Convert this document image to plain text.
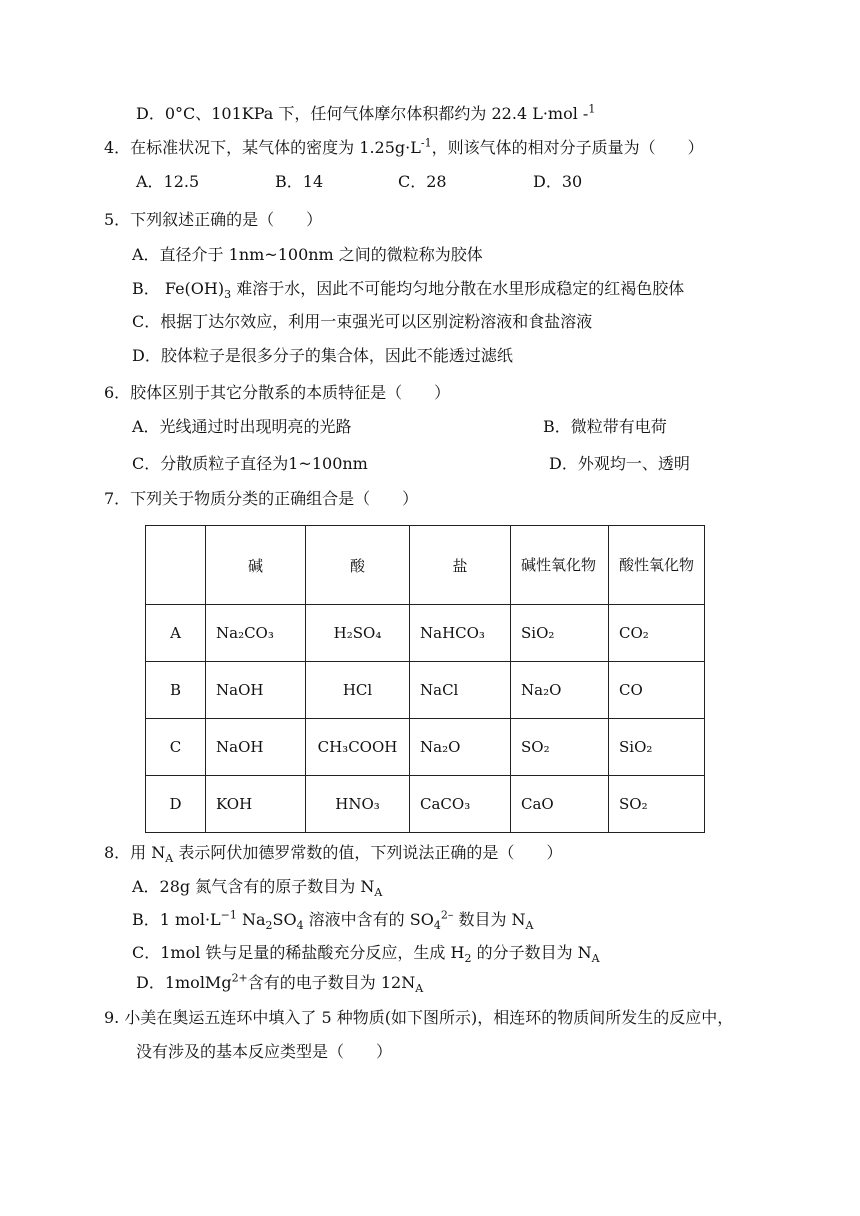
D．0°C、101KPa 下，任何气体摩尔体积都约为 22.4 L·mol -$^1$
4．在标准状况下，某气体的密度为 $1.25g\cdot L^{-1}$，则该气体的相对分子质量为（　　）
A．12.5	B．14	C．28	D．30
5．下列叙述正确的是（　　）
A．直径介于 1nm~100nm 之间的微粒称为胶体
B． $Fe(OH)_3$ 难溶于水，因此不可能均匀地分散在水里形成稳定的红褐色胶体
C．根据丁达尔效应，利用一束强光可以区别淀粉溶液和食盐溶液
D．胶体粒子是很多分子的集合体，因此不能透过滤纸
6．胶体区别于其它分散系的本质特征是（　　）
A．光线通过时出现明亮的光路	B．微粒带有电荷
C．分散质粒子直径为1~100nm	D．外观均一、透明
7．下列关于物质分类的正确组合是（　　）
	碱	酸	盐	碱性氧化物	酸性氧化物

A	Na₂CO₃	H₂SO₄	NaHCO₃	SiO₂	CO₂
B	NaOH	HCl	NaCl	Na₂O	CO
C	NaOH	CH₃COOH	Na₂O	SO₂	SiO₂
D	KOH	HNO₃	CaCO₃	CaO	SO₂
8．用 $N_A$ 表示阿伏加德罗常数的值，下列说法正确的是（　　）
A．28g 氮气含有的原子数目为 $N_A$
B．1 $mol\cdot L^{-1}$ $Na_2SO_4$ 溶液中含有的 $SO_4^{2-}$ 数目为 $N_A$
C．1mol 铁与足量的稀盐酸充分反应，生成 $H_2$ 的分子数目为 $N_A$
D．1molMg$^{2+}$含有的电子数目为 $12N_A$
9. 小美在奥运五连环中填入了 5 种物质(如下图所示)，相连环的物质间所发生的反应中，
没有涉及的基本反应类型是（　　）
